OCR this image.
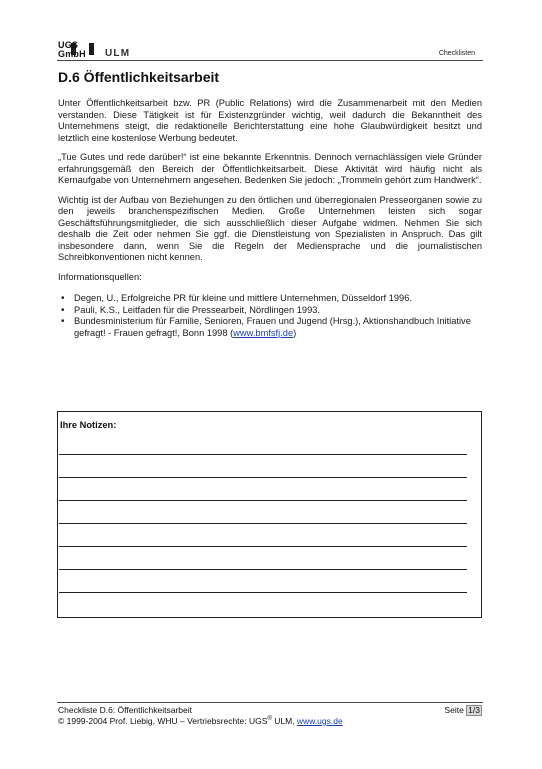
UGS GmbH	ULM	Checklisten
D.6 Öffentlichkeitsarbeit

Unter Öffentlichkeitsarbeit bzw. PR (Public Relations) wird die Zusammenarbeit mit den Medien verstanden. Diese Tätigkeit ist für Existenzgründer wichtig, weil dadurch die Bekanntheit des Unternehmens steigt, die redaktionelle Berichterstattung eine hohe Glaubwürdigkeit besitzt und letztlich eine kostenlose Werbung bedeutet.

„Tue Gutes und rede darüber!“ ist eine bekannte Erkenntnis. Dennoch vernachlässigen viele Gründer erfahrungsgemäß den Bereich der Öffentlichkeitsarbeit. Diese Aktivität wird häufig nicht als Kernaufgabe von Unternehmern angesehen. Bedenken Sie jedoch: „Trommeln gehört zum Handwerk“.

Wichtig ist der Aufbau von Beziehungen zu den örtlichen und überregionalen Presseorganen sowie zu den jeweils branchenspezifischen Medien. Große Unternehmen leisten sich sogar Geschäftsführungsmitglieder, die sich ausschließlich dieser Aufgabe widmen. Nehmen Sie sich deshalb die Zeit oder nehmen Sie ggf. die Dienstleistung von Spezialisten in Anspruch. Das gilt insbesondere dann, wenn Sie die Regeln der Mediensprache und die journalistischen Schreibkonventionen nicht kennen.

Informationsquellen:

• Degen, U., Erfolgreiche PR für kleine und mittlere Unternehmen, Düsseldorf 1996.
• Pauli, K.S., Leitfaden für die Pressearbeit, Nördlingen 1993.
• Bundesministerium für Familie, Senioren, Frauen und Jugend (Hrsg.), Aktionshandbuch Initiative gefragt! - Frauen gefragt!, Bonn 1998 (www.bmfsfj.de)
Ihre Notizen:
Checkliste D.6: Öffentlichkeitsarbeit
© 1999-2004 Prof. Liebig, WHU – Vertriebsrechte: UGS® ULM, www.ugs.de
Seite 1/3
